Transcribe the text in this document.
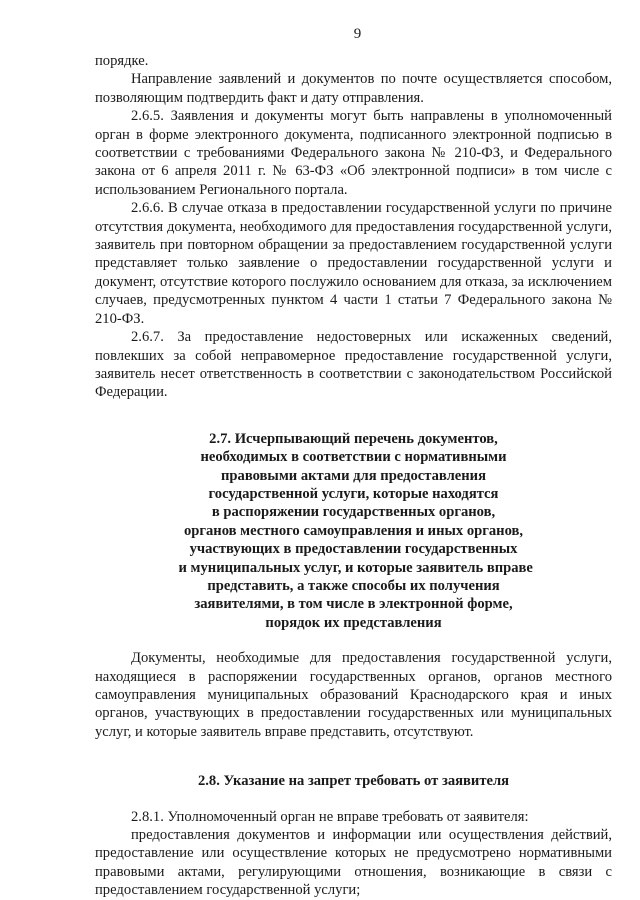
9

порядке.

Направление заявлений и документов по почте осуществляется способом, позволяющим подтвердить факт и дату отправления.

2.6.5. Заявления и документы могут быть направлены в уполномоченный орган в форме электронного документа, подписанного электронной подписью в соответствии с требованиями Федерального закона № 210-ФЗ, и Федерального закона от 6 апреля 2011 г. № 63-ФЗ «Об электронной подписи» в том числе с использованием Регионального портала.

2.6.6. В случае отказа в предоставлении государственной услуги по причине отсутствия документа, необходимого для предоставления государственной услуги, заявитель при повторном обращении за предоставлением государственной услуги представляет только заявление о предоставлении государственной услуги и документ, отсутствие которого послужило основанием для отказа, за исключением случаев, предусмотренных пунктом 4 части 1 статьи 7 Федерального закона № 210-ФЗ.

2.6.7. За предоставление недостоверных или искаженных сведений, повлекших за собой неправомерное предоставление государственной услуги, заявитель несет ответственность в соответствии с законодательством Российской Федерации.

2.7. Исчерпывающий перечень документов,
необходимых в соответствии с нормативными
правовыми актами для предоставления
государственной услуги, которые находятся
в распоряжении государственных органов,
органов местного самоуправления и иных органов,
участвующих в предоставлении государственных
и муниципальных услуг, и которые заявитель вправе
представить, а также способы их получения
заявителями, в том числе в электронной форме,
порядок их представления

Документы, необходимые для предоставления государственной услуги, находящиеся в распоряжении государственных органов, органов местного самоуправления муниципальных образований Краснодарского края и иных органов, участвующих в предоставлении государственных или муниципальных услуг, и которые заявитель вправе представить, отсутствуют.

2.8. Указание на запрет требовать от заявителя

2.8.1. Уполномоченный орган не вправе требовать от заявителя:

предоставления документов и информации или осуществления действий, предоставление или осуществление которых не предусмотрено нормативными правовыми актами, регулирующими отношения, возникающие в связи с предоставлением государственной услуги;
